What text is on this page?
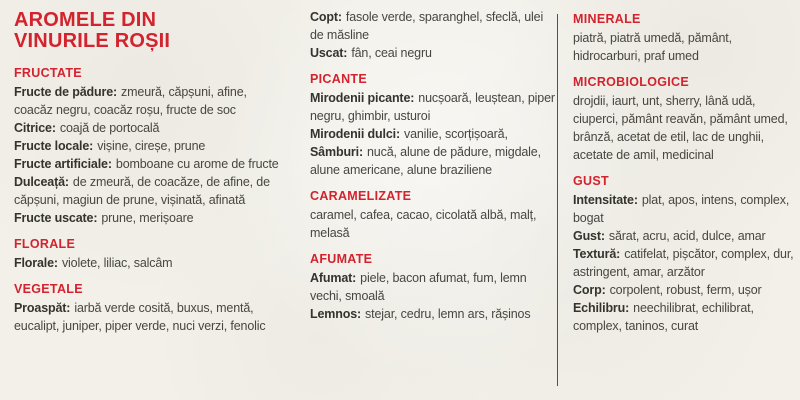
AROMELE DIN
VINURILE ROȘII
FRUCTATE

Fructe de pădure: zmeură, căpșuni, afine, coacăz negru, coacăz roșu, fructe de soc

Citrice: coajă de portocală

Fructe locale: vișine, cireșe, prune

Fructe artificiale: bomboane cu arome de fructe

Dulceață: de zmeură, de coacăze, de afine, de căpșuni, magiun de prune, vișinată, afinată

Fructe uscate: prune, merișoare

FLORALE

Florale: violete, liliac, salcâm

VEGETALE

Proaspăt: iarbă verde cosită, buxus, mentă, eucalipt, juniper, piper verde, nuci verzi, fenolic

Copt: fasole verde, sparanghel, sfeclă, ulei de măsline

Uscat: fân, ceai negru

PICANTE

Mirodenii picante: nucșoară, leuștean, piper negru, ghimbir, usturoi

Mirodenii dulci: vanilie, scorțișoară,

Sâmburi: nucă, alune de pădure, migdale, alune americane, alune braziliene

CARAMELIZATE

caramel, cafea, cacao, cicolată albă, malț, melasă

AFUMATE

Afumat: piele, bacon afumat, fum, lemn vechi, smoală

Lemnos: stejar, cedru, lemn ars, rășinos

MINERALE

piatră, piatră umedă, pământ, hidrocarburi, praf umed

MICROBIOLOGICE

drojdii, iaurt, unt, sherry, lână udă, ciuperci, pământ reavăn, pământ umed, brânză, acetat de etil, lac de unghii, acetate de amil, medicinal

GUST

Intensitate: plat, apos, intens, complex, bogat

Gust: sărat, acru, acid, dulce, amar

Textură: catifelat, pișcător, complex, dur, astringent, amar, arzător

Corp: corpolent, robust, ferm, ușor

Echilibru: neechilibrat, echilibrat, complex, taninos, curat
